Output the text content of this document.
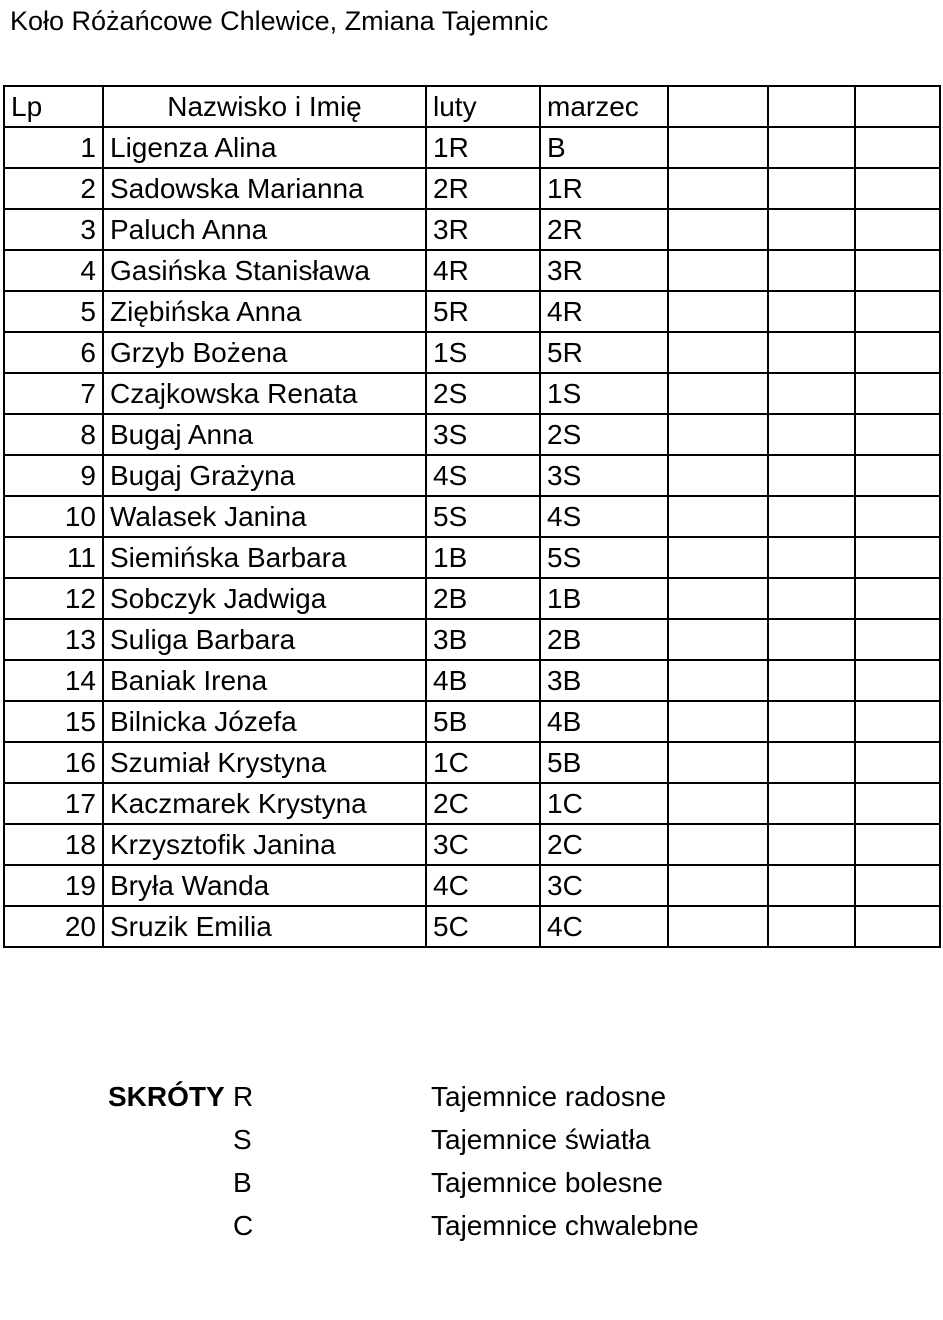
Koło Różańcowe Chlewice, Zmiana Tajemnic
Lp	Nazwisko i Imię	luty	marzec			
1	Ligenza Alina	1R	B			
2	Sadowska Marianna	2R	1R			
3	Paluch Anna	3R	2R			
4	Gasińska Stanisława	4R	3R			
5	Ziębińska Anna	5R	4R			
6	Grzyb Bożena	1S	5R			
7	Czajkowska Renata	2S	1S			
8	Bugaj Anna	3S	2S			
9	Bugaj Grażyna	4S	3S			
10	Walasek Janina	5S	4S			
11	Siemińska Barbara	1B	5S			
12	Sobczyk Jadwiga	2B	1B			
13	Suliga Barbara	3B	2B			
14	Baniak Irena	4B	3B			
15	Bilnicka Józefa	5B	4B			
16	Szumiał Krystyna	1C	5B			
17	Kaczmarek Krystyna	2C	1C			
18	Krzysztofik Janina	3C	2C			
19	Bryła Wanda	4C	3C			
20	Sruzik Emilia	5C	4C			
SKRÓTY R	Tajemnice radosne
S	Tajemnice światła
B	Tajemnice bolesne
C	Tajemnice chwalebne
